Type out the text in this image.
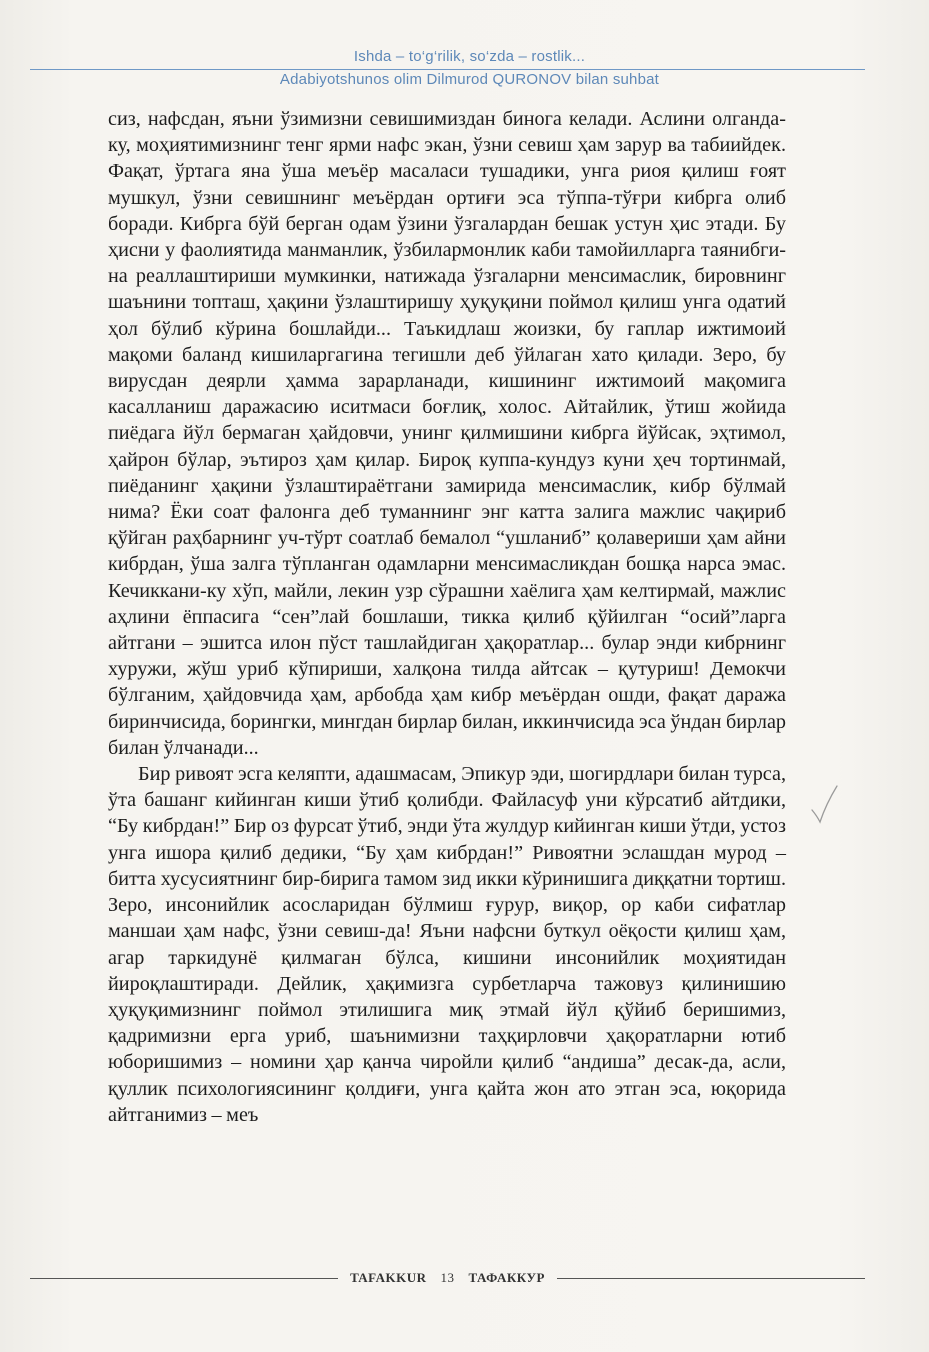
Ishda – to‘g‘rilik, so‘zda – rostlik...
Adabiyotshunos olim Dilmurod QURONOV bilan suhbat

сиз, нафсдан, яъни ўзимизни севишимиздан бинога келади. Аслини олганда-ку, моҳиятимизнинг тенг ярми нафс экан, ўзни севиш ҳам зарур ва табиийдек. Фақат, ўртага яна ўша меъёр масаласи тушадики, унга риоя қилиш ғоят мушкул, ўзни севишнинг меъёрдан ортиғи эса тўппа-тўғри кибрга олиб боради. Кибрга бўй берган одам ўзини ўзгалардан бешак устун ҳис этади. Бу ҳисни у фаолиятида манманлик, ўзбилармонлик каби тамойилларга таянибгина реаллаштириши мумкинки, натижада ўзгаларни менсимаслик, бировнинг шаънини топташ, ҳақини ўзлаштиришу ҳуқуқини поймол қилиш унга одатий ҳол бўлиб кўрина бошлайди... Таъкидлаш жоизки, бу гаплар ижтимоий мақоми баланд кишиларгагина тегишли деб ўйлаган хато қилади. Зеро, бу вирусдан деярли ҳамма зарарланади, кишининг ижтимоий мақомига касалланиш даражасию иситмаси боғлиқ, холос. Айтайлик, ўтиш жойида пиёдага йўл бермаган ҳайдовчи, унинг қилмишини кибрга йўйсак, эҳтимол, ҳайрон бўлар, эътироз ҳам қилар. Бироқ куппа-кундуз куни ҳеч тортинмай, пиёданинг ҳақини ўзлаштираётгани замирида менсимаслик, кибр бўлмай нима? Ёки соат фалонга деб туманнинг энг катта залига мажлис чақириб қўйган раҳбарнинг уч-тўрт соатлаб бемалол “ушланиб” қолавериши ҳам айни кибрдан, ўша залга тўпланган одамларни менсимасликдан бошқа нарса эмас. Кечиккани-ку хўп, майли, лекин узр сўрашни хаёлига ҳам келтирмай, мажлис аҳлини ёппасига “сен”лай бошлаши, тикка қилиб қўйилган “осий”ларга айтгани – эшитса илон пўст ташлайдиган ҳақоратлар... булар энди кибрнинг хуружи, жўш уриб кўпириши, халқона тилда айтсак – қутуриш! Демокчи бўлганим, ҳайдовчида ҳам, арбобда ҳам кибр меъёрдан ошди, фақат даража биринчисида, борингки, мингдан бирлар билан, иккинчисида эса ўндан бирлар билан ўлчанади...

Бир ривоят эсга келяпти, адашмасам, Эпикур эди, шогирдлари билан турса, ўта башанг кийинган киши ўтиб қолибди. Файласуф уни кўрсатиб айтдики, “Бу кибрдан!” Бир оз фурсат ўтиб, энди ўта жулдур кийинган киши ўтди, устоз унга ишора қилиб дедики, “Бу ҳам кибрдан!” Ривоятни эслашдан мурод – битта хусусиятнинг бир-бирига тамом зид икки кўринишига диққатни тортиш. Зеро, инсонийлик асосларидан бўлмиш ғурур, виқор, ор каби сифатлар маншаи ҳам нафс, ўзни севиш-да! Яъни нафсни буткул оёқости қилиш ҳам, агар таркидунё қилмаган бўлса, кишини инсонийлик моҳиятидан йироқлаштиради. Дейлик, ҳақимизга сурбетларча тажовуз қилинишию ҳуқуқимизнинг поймол этилишига миқ этмай йўл қўйиб беришимиз, қадримизни ерга уриб, шаънимизни таҳқирловчи ҳақоратларни ютиб юборишимиз – номини ҳар қанча чиройли қилиб “андиша” десак-да, асли, қуллик психологиясининг қолдиғи, унга қайта жон ато этган эса, юқорида айтганимиз – меъ

TAFAKKUR	13	ТАФАККУР
